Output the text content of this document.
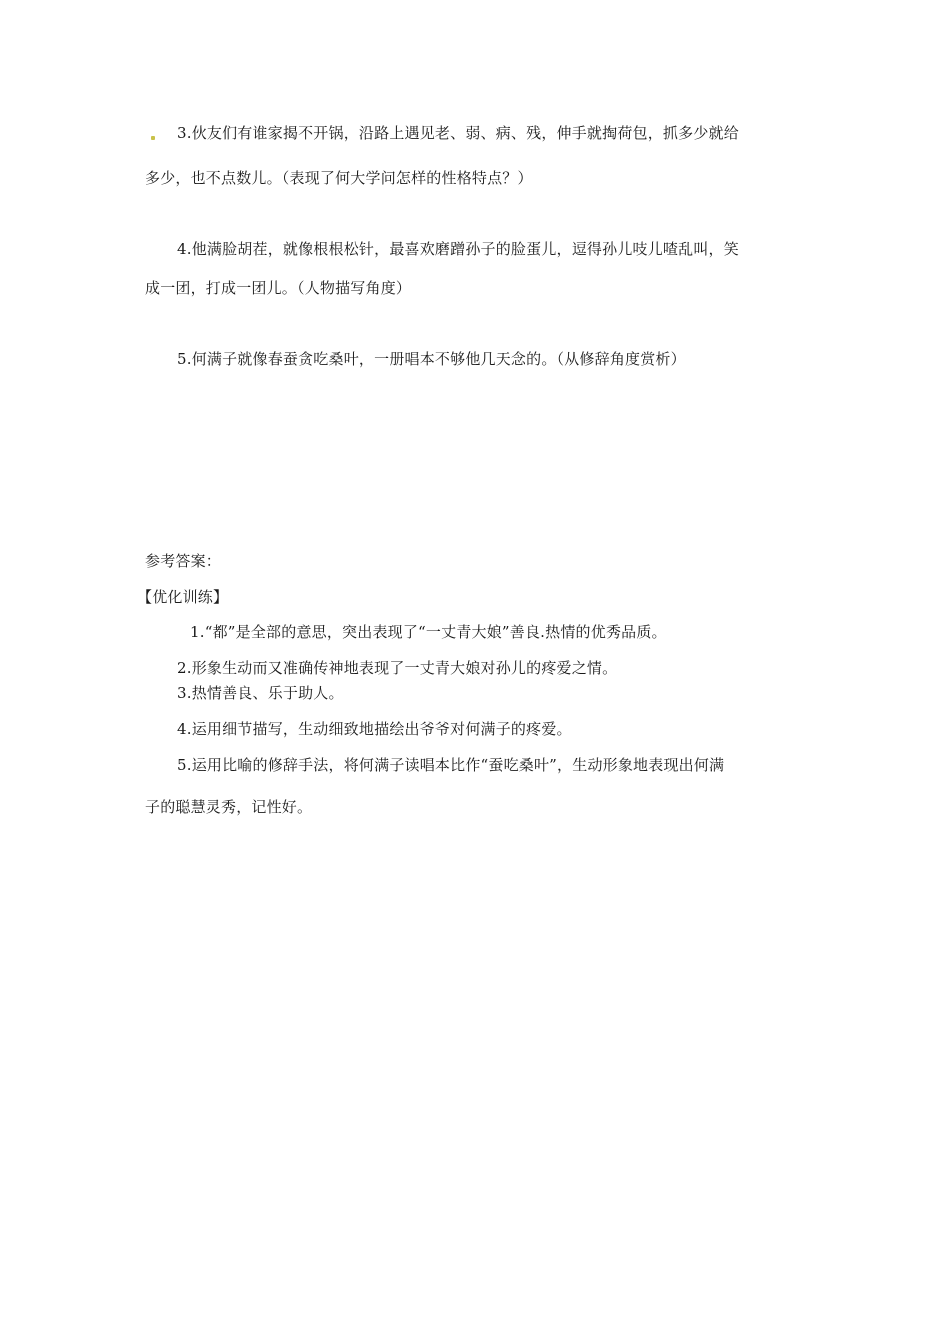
3.伙友们有谁家揭不开锅，沿路上遇见老、弱、病、残，伸手就掏荷包，抓多少就给
多少，也不点数儿。（表现了何大学问怎样的性格特点？）
4.他满脸胡茬，就像根根松针，最喜欢磨蹭孙子的脸蛋儿，逗得孙儿吱儿喳乱叫，笑
成一团，打成一团儿。（人物描写角度）
5.何满子就像春蚕贪吃桑叶，一册唱本不够他几天念的。（从修辞角度赏析）
参考答案：
【优化训练】
1.“都”是全部的意思，突出表现了“一丈青大娘”善良.热情的优秀品质。
2.形象生动而又准确传神地表现了一丈青大娘对孙儿的疼爱之情。
3.热情善良、乐于助人。
4.运用细节描写，生动细致地描绘出爷爷对何满子的疼爱。
5.运用比喻的修辞手法，将何满子读唱本比作“蚕吃桑叶”，生动形象地表现出何满
子的聪慧灵秀，记性好。
